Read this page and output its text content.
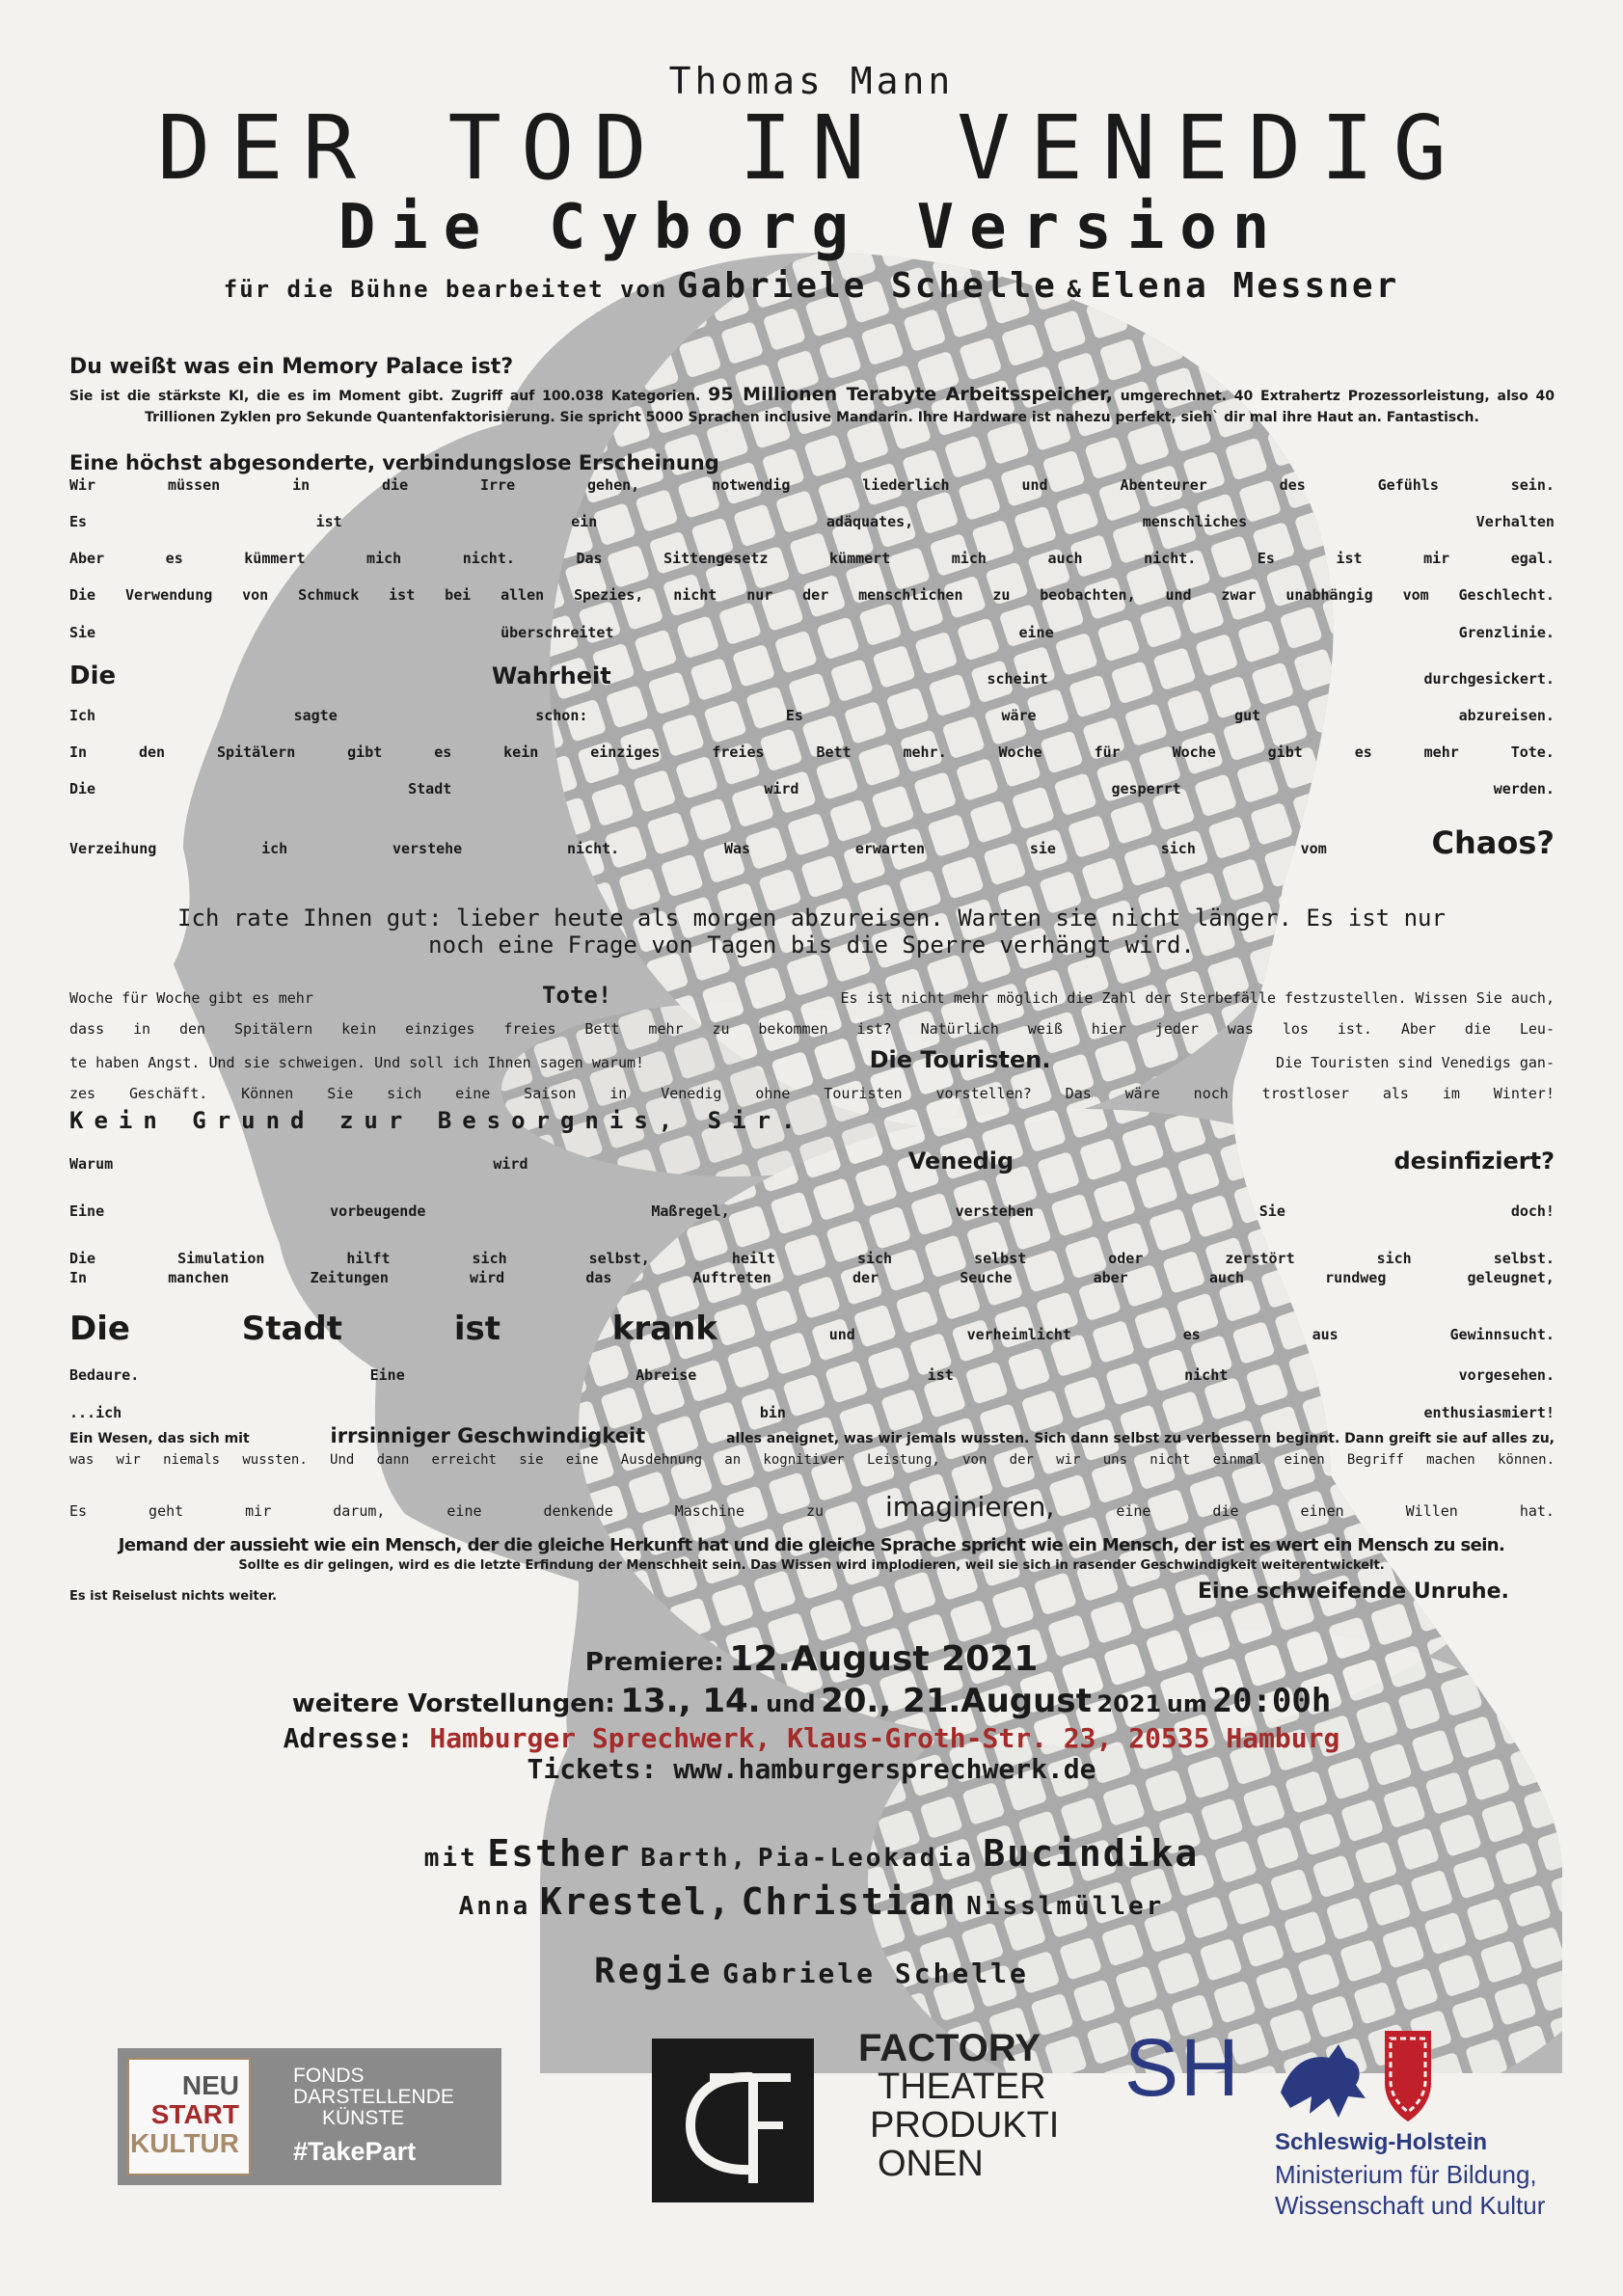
Thomas Mann
DER TOD IN VENEDIG
Die Cyborg Version
für die Bühne bearbeitet von Gabriele Schelle & Elena Messner
Du weißt was ein Memory Palace ist?
Sie ist die stärkste KI, die es im Moment gibt. Zugriff auf 100.038 Kategorien. 95 Millionen Terabyte Arbeitsspeicher, umgerechnet. 40 Extrahertz Prozessorleistung, also 40 Trillionen Zyklen pro Sekunde Quantenfaktorisierung. Sie spricht 5000 Sprachen inclusive Mandarin. Ihre Hardware ist nahezu perfekt, sieh` dir mal ihre Haut an. Fantastisch.
Eine höchst abgesonderte, verbindungslose Erscheinung
Wir	müssen	in	die	Irre	gehen,	notwendig	liederlich	und	Abenteurer	des	Gefühls	sein.
Es	ist	ein	adäquates,	menschliches	Verhalten
Aber	es	kümmert	mich	nicht.	Das	Sittengesetz	kümmert	mich	auch	nicht.	Es	ist	mir	egal.
Die Verwendung von Schmuck ist bei allen Spezies, nicht nur der menschlichen zu beobachten, und zwar unabhängig vom Geschlecht.
Sie	überschreitet	eine	Grenzlinie.
Die	Wahrheit	scheint	durchgesickert.
Ich	sagte	schon:	Es	wäre	gut	abzureisen.
In	den	Spitälern	gibt	es	kein	einziges	freies	Bett	mehr.	Woche	für	Woche	gibt	es	mehr	Tote.
Die	Stadt	wird	gesperrt	werden.
Verzeihung	ich	verstehe	nicht.	Was	erwarten	sie	sich	vom	Chaos?
Ich rate Ihnen gut: lieber heute als morgen abzureisen. Warten sie nicht länger. Es ist nur
noch eine Frage von Tagen bis die Sperre verhängt wird.
Woche für Woche gibt es mehr	Tote!	Es ist nicht mehr möglich die Zahl der Sterbefälle festzustellen. Wissen Sie auch,
dass in den Spitälern kein einziges freies Bett mehr zu bekommen ist? Natürlich weiß hier jeder was los ist. Aber die Leu-
te haben Angst. Und sie schweigen. Und soll ich Ihnen sagen warum!	Die Touristen.	Die Touristen sind Venedigs gan-
zes Geschäft. Können Sie sich eine Saison in Venedig ohne Touristen vorstellen? Das wäre noch trostloser als im Winter!
Kein Grund zur Besorgnis, Sir.
Warum	wird	Venedig	desinfiziert?
Eine	vorbeugende	Maßregel,	verstehen	Sie	doch!
Die	Simulation	hilft	sich	selbst,	heilt	sich	selbst	oder	zerstört	sich	selbst.
In	manchen	Zeitungen	wird	das	Auftreten	der	Seuche	aber	auch	rundweg	geleugnet,
Die	Stadt	ist	krank	und	verheimlicht	es	aus	Gewinnsucht.
Bedaure.	Eine	Abreise	ist	nicht	vorgesehen.
...ich	bin	enthusiasmiert!
Ein Wesen, das sich mit	irrsinniger Geschwindigkeit	alles aneignet, was wir jemals wussten. Sich dann selbst zu verbessern beginnt. Dann greift sie auf alles zu,
was wir niemals wussten. Und dann erreicht sie eine Ausdehnung an kognitiver Leistung, von der wir uns nicht einmal einen Begriff machen können.
Es	geht	mir	darum,	eine	denkende	Maschine	zu imaginieren,	eine	die	einen	Willen	hat.
Jemand der aussieht wie ein Mensch, der die gleiche Herkunft hat und die gleiche Sprache spricht wie ein Mensch, der ist es wert ein Mensch zu sein.
Sollte es dir gelingen, wird es die letzte Erfindung der Menschheit sein. Das Wissen wird implodieren, weil sie sich in rasender Geschwindigkeit weiterentwickelt.
Es ist Reiselust nichts weiter.	Eine schweifende Unruhe.
Premiere: 12.August 2021
weitere Vorstellungen: 13., 14. und 20., 21.August 2021 um 20:00h
Adresse: Hamburger Sprechwerk, Klaus-Groth-Str. 23, 20535 Hamburg
Tickets: www.hamburgersprechwerk.de
mit Esther Barth, Pia-Leokadia Bucindika
Anna Krestel, Christian Nisslmüller
Regie Gabriele Schelle
NEU
START
KULTUR
FONDS
DARSTELLENDE
KÜNSTE
#TakePart
FACTORY
THEATER
PRODUKTI
ONEN
SH
Schleswig-Holstein
Ministerium für Bildung,
Wissenschaft und Kultur
